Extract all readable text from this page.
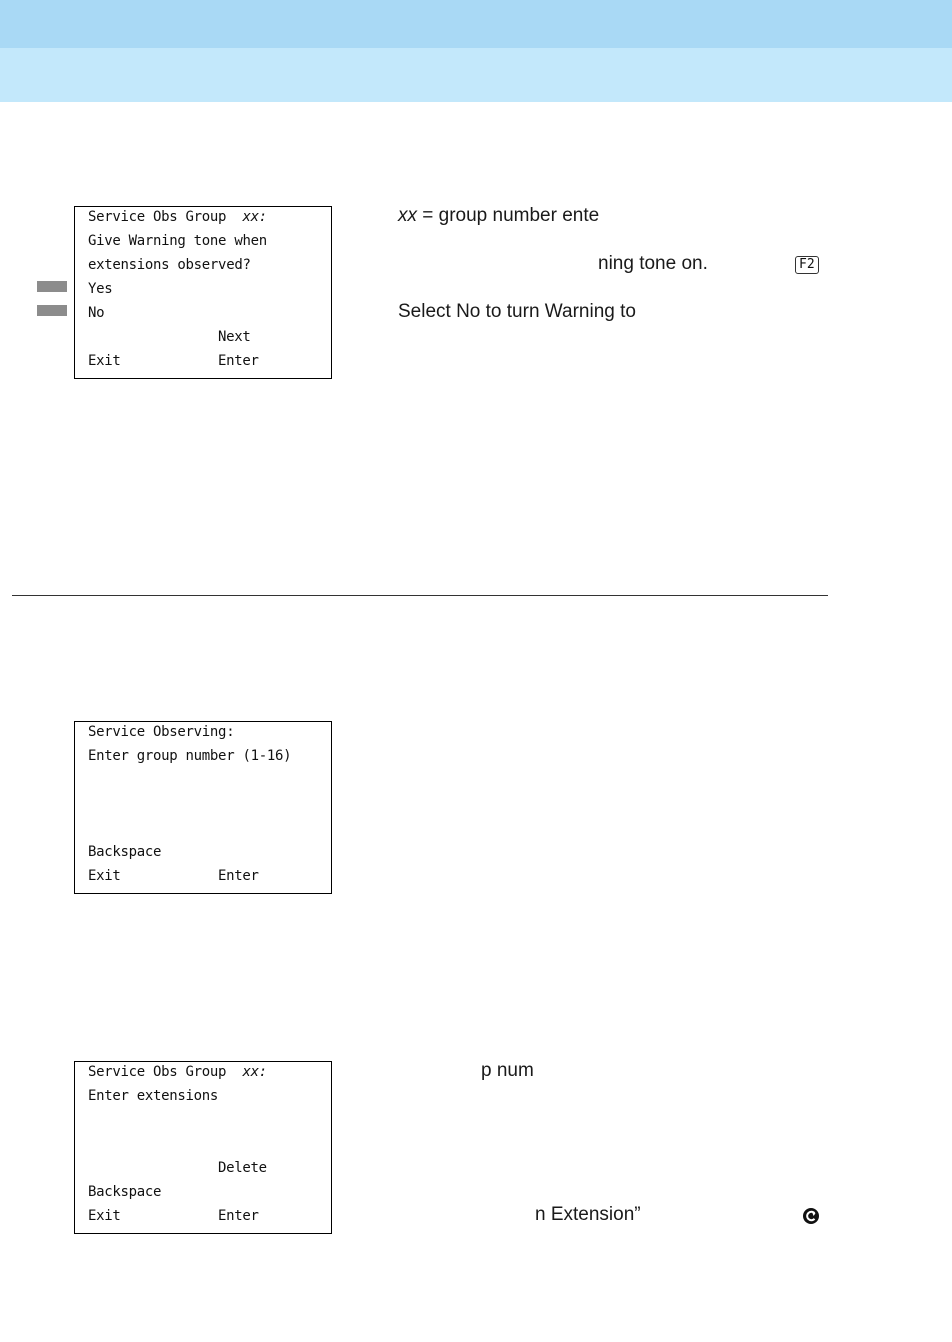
Service Obs Group xx:
Give Warning tone when
extensions observed?
Yes
No
Next
Exit	Enter
xx = group number ente
ning tone on.	F2
Select No to turn Warning to
Service Observing:
Enter group number (1-16)
Backspace
Exit	Enter
Service Obs Group xx:
Enter extensions
Delete
Backspace
Exit	Enter
p num
n Extension”
